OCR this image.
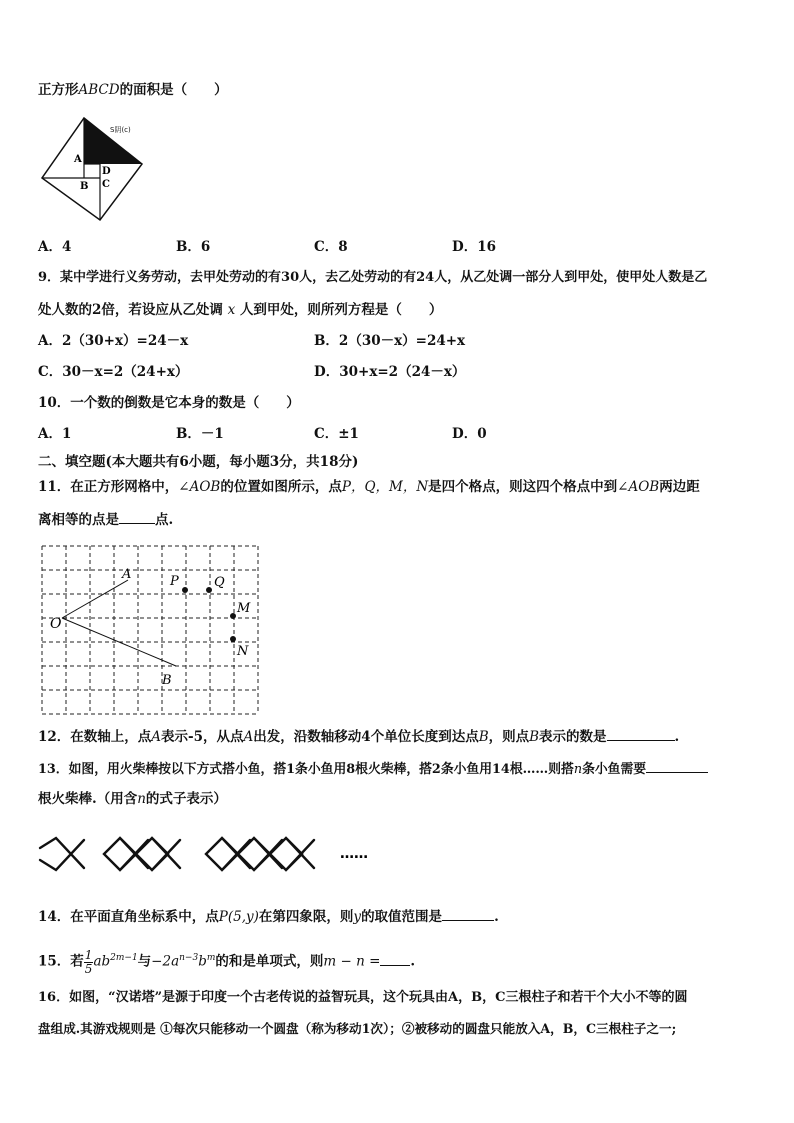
正方形ABCD的面积是（　　）
S阴(c)
A
D
C
B
A．4	B．6	C．8	D．16
9．某中学进行义务劳动，去甲处劳动的有30人，去乙处劳动的有24人，从乙处调一部分人到甲处，使甲处人数是乙
处人数的2倍，若设应从乙处调 x 人到甲处，则所列方程是（　　）
A．2（30+x）=24－x	B．2（30－x）=24+x
C．30－x=2（24+x）	D．30+x=2（24－x）
10．一个数的倒数是它本身的数是（　　）
A．1	B．－1	C．±1	D．0
二、填空题(本大题共有6小题，每小题3分，共18分)
11．在正方形网格中，∠AOB的位置如图所示，点P，Q，M，N是四个格点，则这四个格点中到∠AOB两边距
离相等的点是	点.
A
O
B
P	Q
M
N
12．在数轴上，点A表示-5，从点A出发，沿数轴移动4个单位长度到达点B，则点B表示的数是	.
13．如图，用火柴棒按以下方式搭小鱼，搭1条小鱼用8根火柴棒，搭2条小鱼用14根……则搭n条小鱼需要
根火柴棒.（用含n的式子表示）
……
14．在平面直角坐标系中，点P(5,y)在第四象限，则y的取值范围是	.
15．若 $\frac{1}{5} ab^{2m-1}$与$-2a^{n-3}b^m$的和是单项式，则m − n = .
16．如图，“汉诺塔”是源于印度一个古老传说的益智玩具，这个玩具由A，B，C三根柱子和若干个大小不等的圆
盘组成.其游戏规则是 ①每次只能移动一个圆盘（称为移动1次）；②被移动的圆盘只能放入A，B，C三根柱子之一;
